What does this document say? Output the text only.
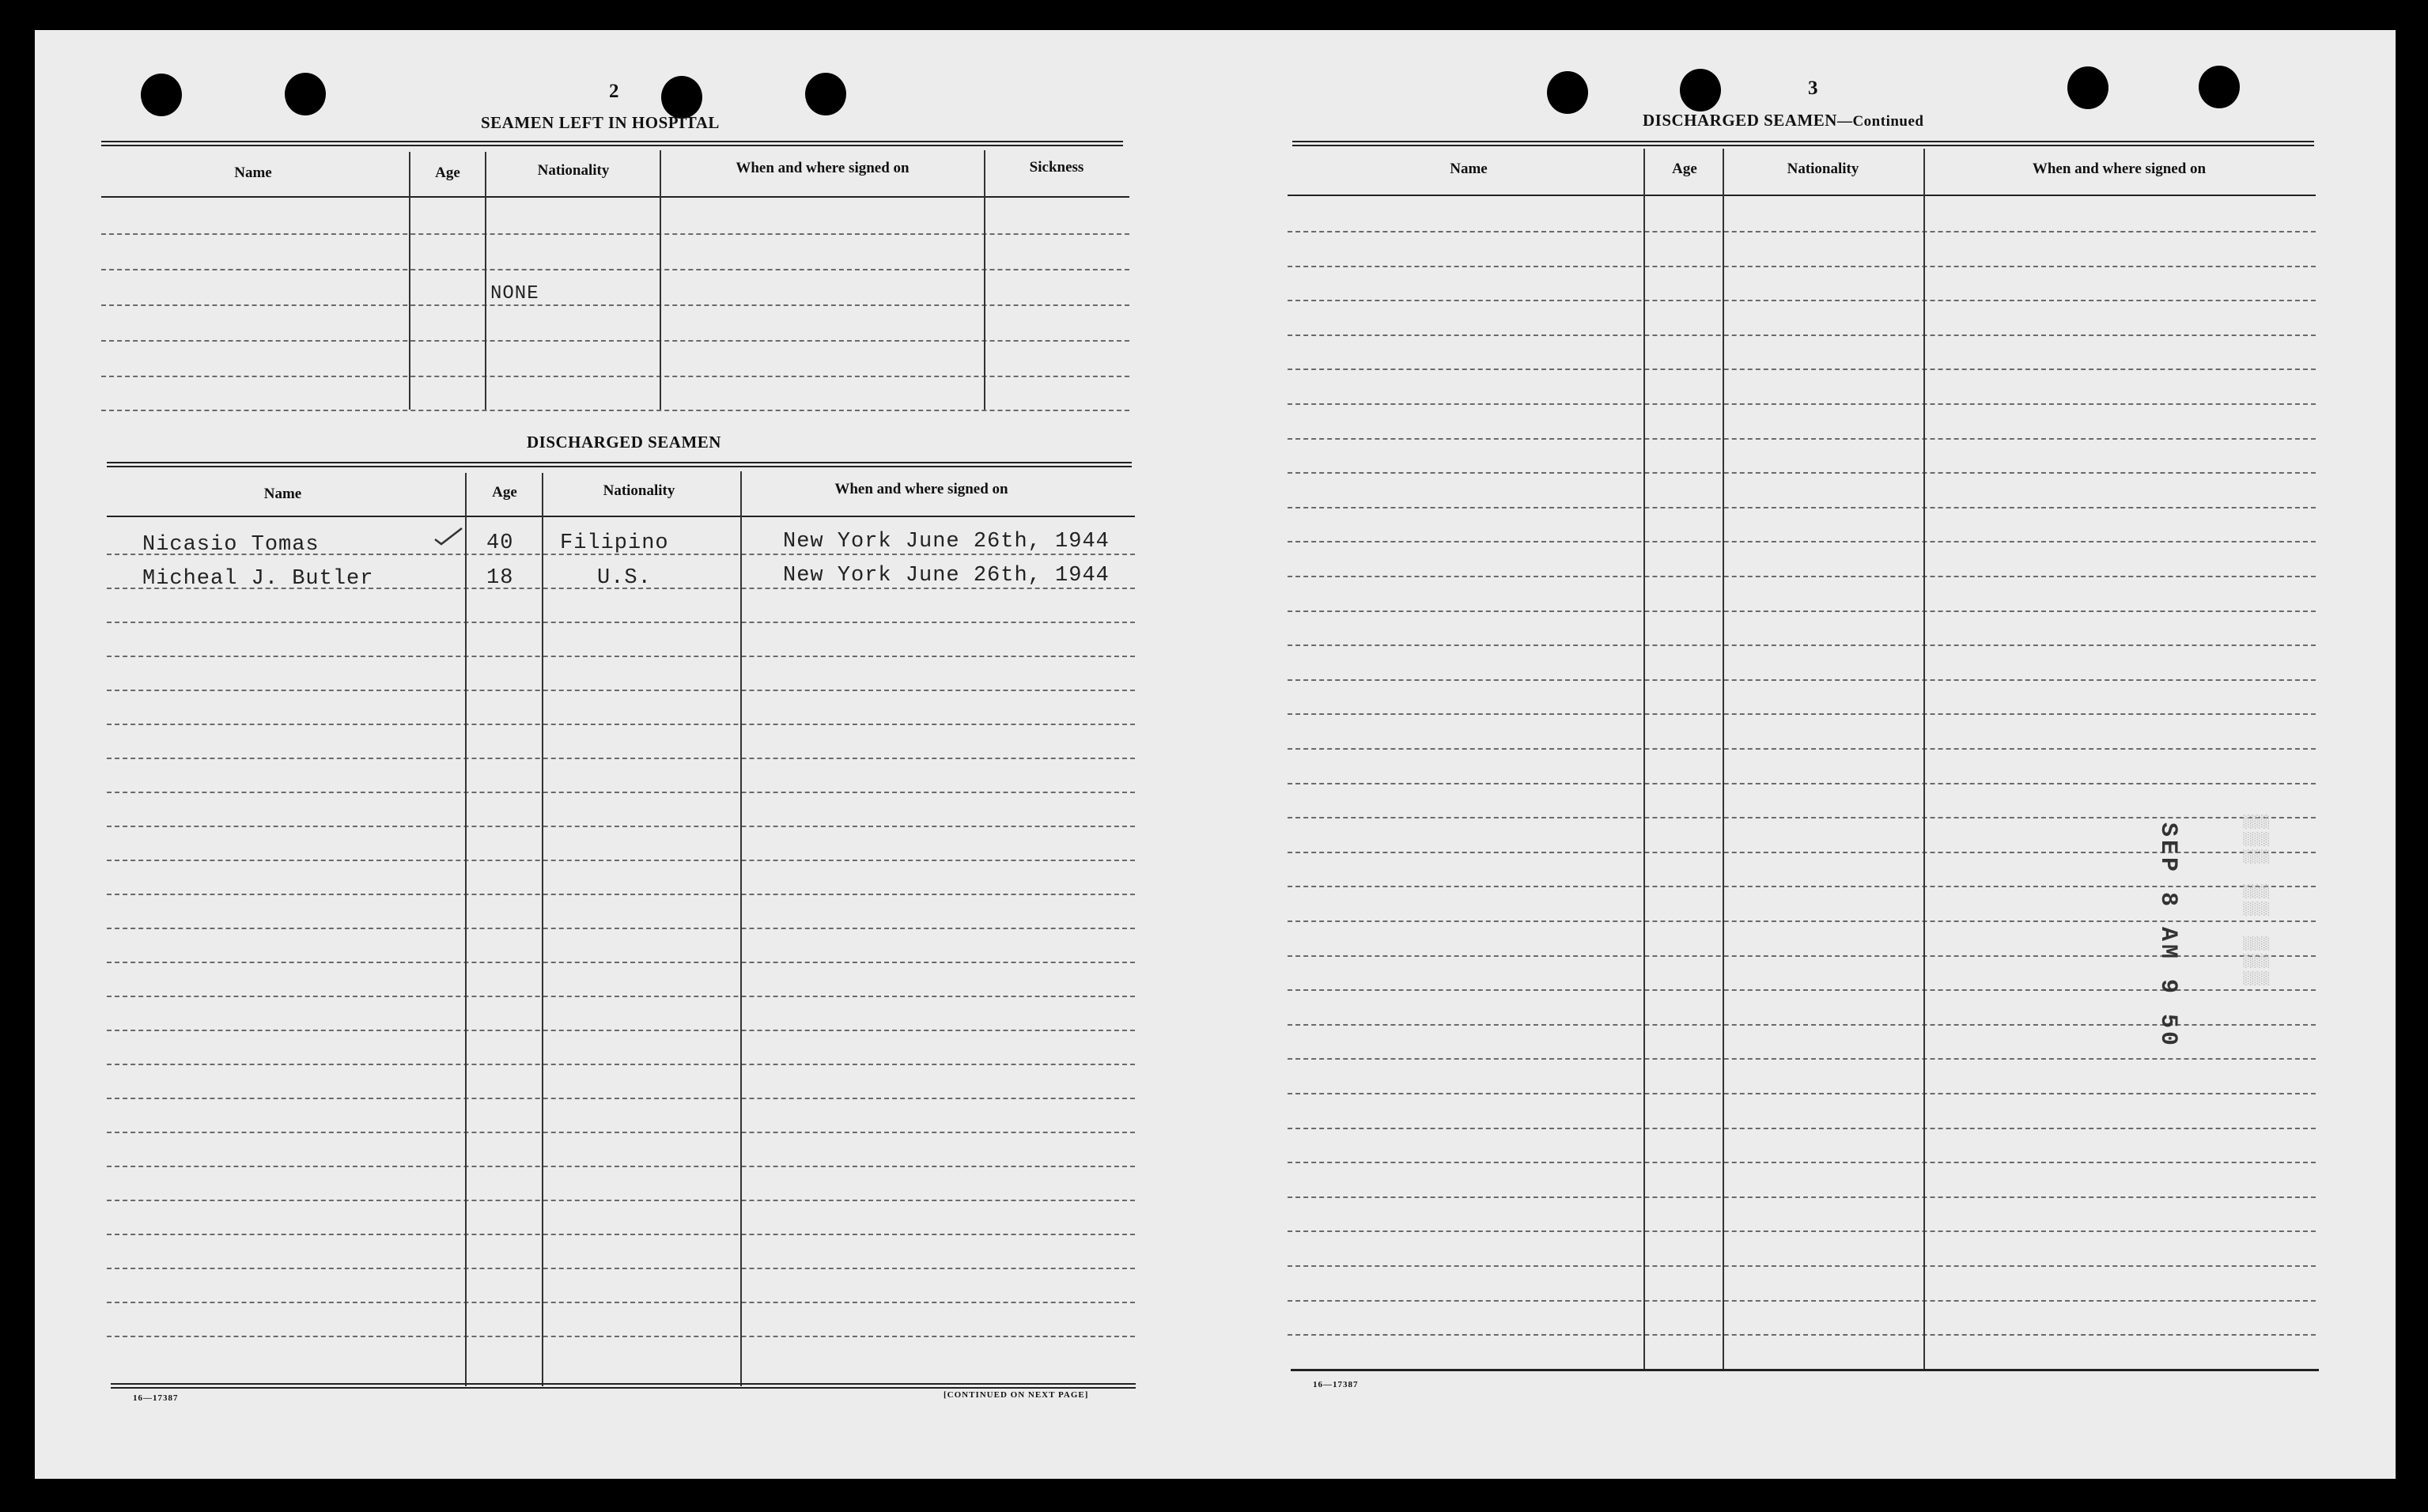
2
SEAMEN LEFT IN HOSPITAL
Name	Age	Nationality	When and where signed on	Sickness
NONE
DISCHARGED SEAMEN
Name	Age	Nationality	When and where signed on
Nicasio Tomas	40 Filipino	New York June 26th, 1944
Micheal J. Butler	18	U.S.	New York June 26th, 1944
16—17387	[CONTINUED ON NEXT PAGE]
3
DISCHARGED SEAMEN—Continued
Name	Age	Nationality	When and where signed on
16—17387
SEP 8 AM 9 50	▒▒▒ ▒▒ ▒▒▒
